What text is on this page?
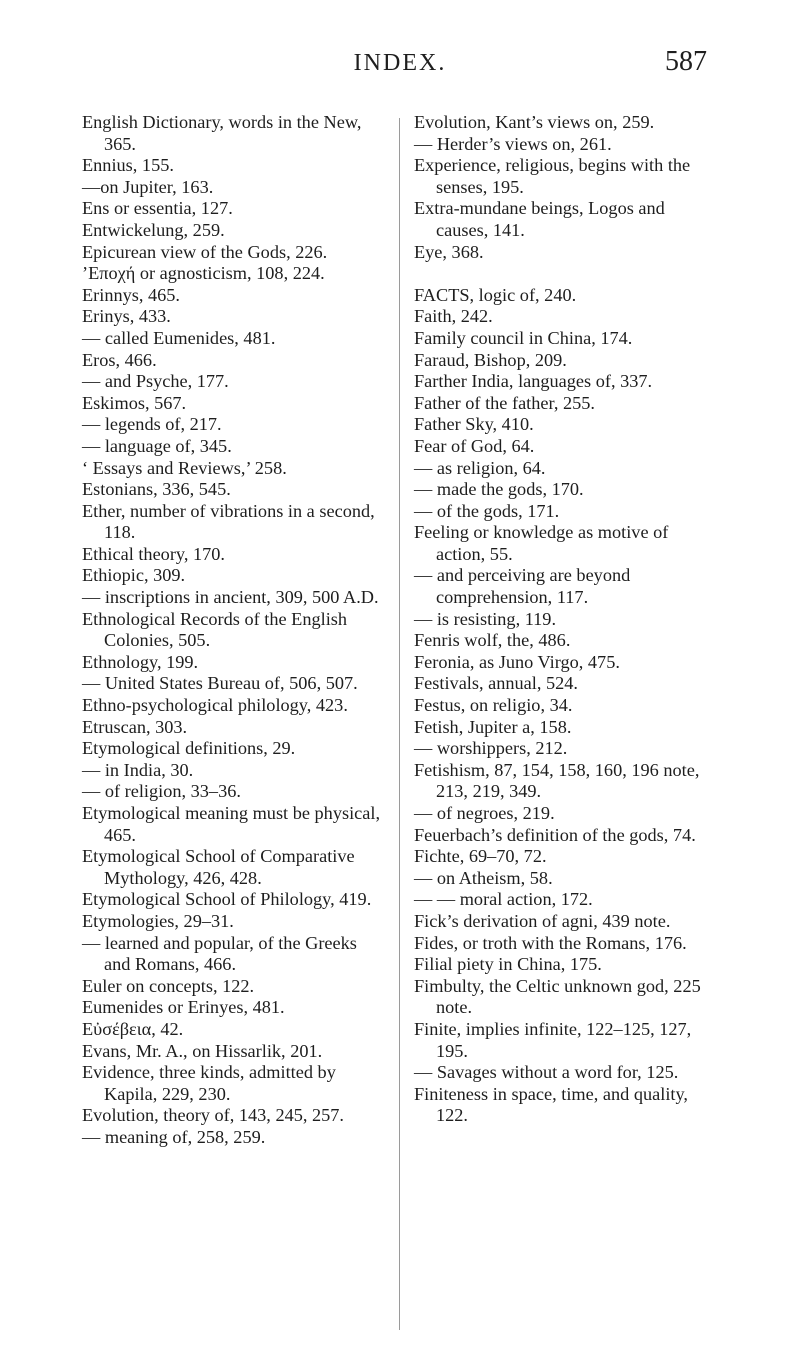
INDEX.	587

English Dictionary, words in the New, 365.

Ennius, 155.

—on Jupiter, 163.

Ens or essentia, 127.

Entwickelung, 259.

Epicurean view of the Gods, 226.

’Εποχή or agnosticism, 108, 224.

Erinnys, 465.

Erinys, 433.

— called Eumenides, 481.

Eros, 466.

— and Psyche, 177.

Eskimos, 567.

— legends of, 217.

— language of, 345.

‘ Essays and Reviews,’ 258.

Estonians, 336, 545.

Ether, number of vibrations in a second, 118.

Ethical theory, 170.

Ethiopic, 309.

— inscriptions in ancient, 309, 500 A.D.

Ethnological Records of the English Colonies, 505.

Ethnology, 199.

— United States Bureau of, 506, 507.

Ethno-psychological philology, 423.

Etruscan, 303.

Etymological definitions, 29.

— in India, 30.

— of religion, 33–36.

Etymological meaning must be physical, 465.

Etymological School of Comparative Mythology, 426, 428.

Etymological School of Philology, 419.

Etymologies, 29–31.

— learned and popular, of the Greeks and Romans, 466.

Euler on concepts, 122.

Eumenides or Erinyes, 481.

Εὐσέβεια, 42.

Evans, Mr. A., on Hissarlik, 201.

Evidence, three kinds, admitted by Kapila, 229, 230.

Evolution, theory of, 143, 245, 257.

— meaning of, 258, 259.

Evolution, Kant’s views on, 259.

— Herder’s views on, 261.

Experience, religious, begins with the senses, 195.

Extra-mundane beings, Logos and causes, 141.

Eye, 368.

FACTS, logic of, 240.

Faith, 242.

Family council in China, 174.

Faraud, Bishop, 209.

Farther India, languages of, 337.

Father of the father, 255.

Father Sky, 410.

Fear of God, 64.

— as religion, 64.

— made the gods, 170.

— of the gods, 171.

Feeling or knowledge as motive of action, 55.

— and perceiving are beyond comprehension, 117.

— is resisting, 119.

Fenris wolf, the, 486.

Feronia, as Juno Virgo, 475.

Festivals, annual, 524.

Festus, on religio, 34.

Fetish, Jupiter a, 158.

— worshippers, 212.

Fetishism, 87, 154, 158, 160, 196 note, 213, 219, 349.

— of negroes, 219.

Feuerbach’s definition of the gods, 74.

Fichte, 69–70, 72.

— on Atheism, 58.

— — moral action, 172.

Fick’s derivation of agni, 439 note.

Fides, or troth with the Romans, 176.

Filial piety in China, 175.

Fimbulty, the Celtic unknown god, 225 note.

Finite, implies infinite, 122–125, 127, 195.

— Savages without a word for, 125.

Finiteness in space, time, and quality, 122.
